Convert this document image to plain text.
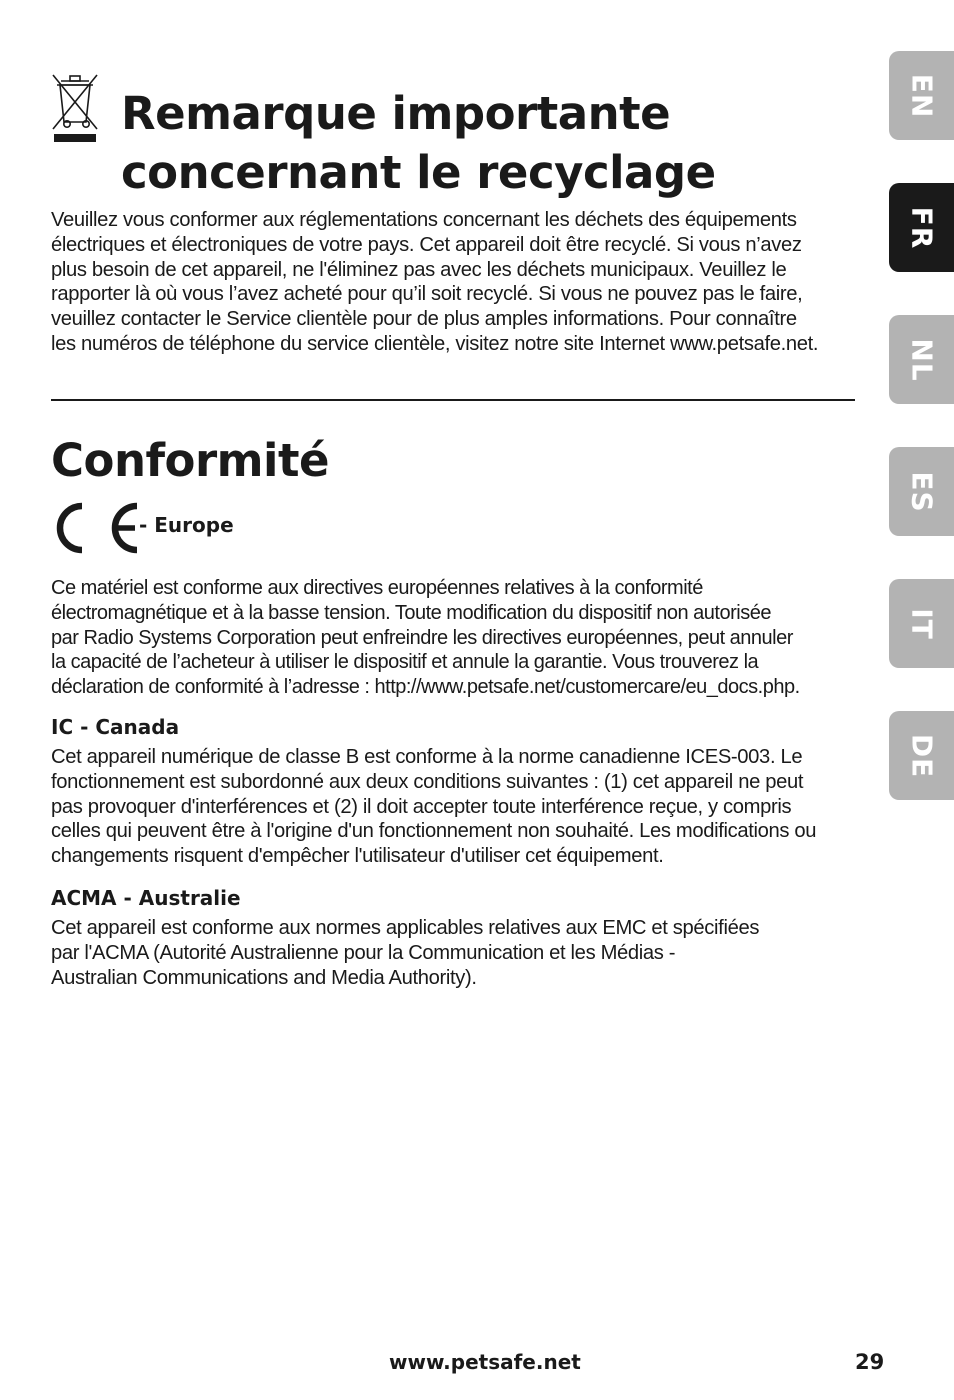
Remarque importante
concernant le recyclage
Veuillez vous conformer aux réglementations concernant les déchets des équipements
électriques et électroniques de votre pays. Cet appareil doit être recyclé. Si vous n’avez
plus besoin de cet appareil, ne l'éliminez pas avec les déchets municipaux. Veuillez le
rapporter là où vous l’avez acheté pour qu’il soit recyclé. Si vous ne pouvez pas le faire,
veuillez contacter le Service clientèle pour de plus amples informations. Pour connaître
les numéros de téléphone du service clientèle, visitez notre site Internet www.petsafe.net.
Conformité
- Europe
Ce matériel est conforme aux directives européennes relatives à la conformité
électromagnétique et à la basse tension. Toute modification du dispositif non autorisée
par Radio Systems Corporation peut enfreindre les directives européennes, peut annuler
la capacité de l’acheteur à utiliser le dispositif et annule la garantie. Vous trouverez la
déclaration de conformité à l’adresse : http://www.petsafe.net/customercare/eu_docs.php.
IC - Canada
Cet appareil numérique de classe B est conforme à la norme canadienne ICES-003. Le
fonctionnement est subordonné aux deux conditions suivantes : (1) cet appareil ne peut
pas provoquer d'interférences et (2) il doit accepter toute interférence reçue, y compris
celles qui peuvent être à l'origine d'un fonctionnement non souhaité. Les modifications ou
changements risquent d'empêcher l'utilisateur d'utiliser cet équipement.
ACMA - Australie
Cet appareil est conforme aux normes applicables relatives aux EMC et spécifiées
par l'ACMA (Autorité Australienne pour la Communication et les Médias -
Australian Communications and Media Authority).
EN
FR
NL
ES
IT
DE
www.petsafe.net	29
